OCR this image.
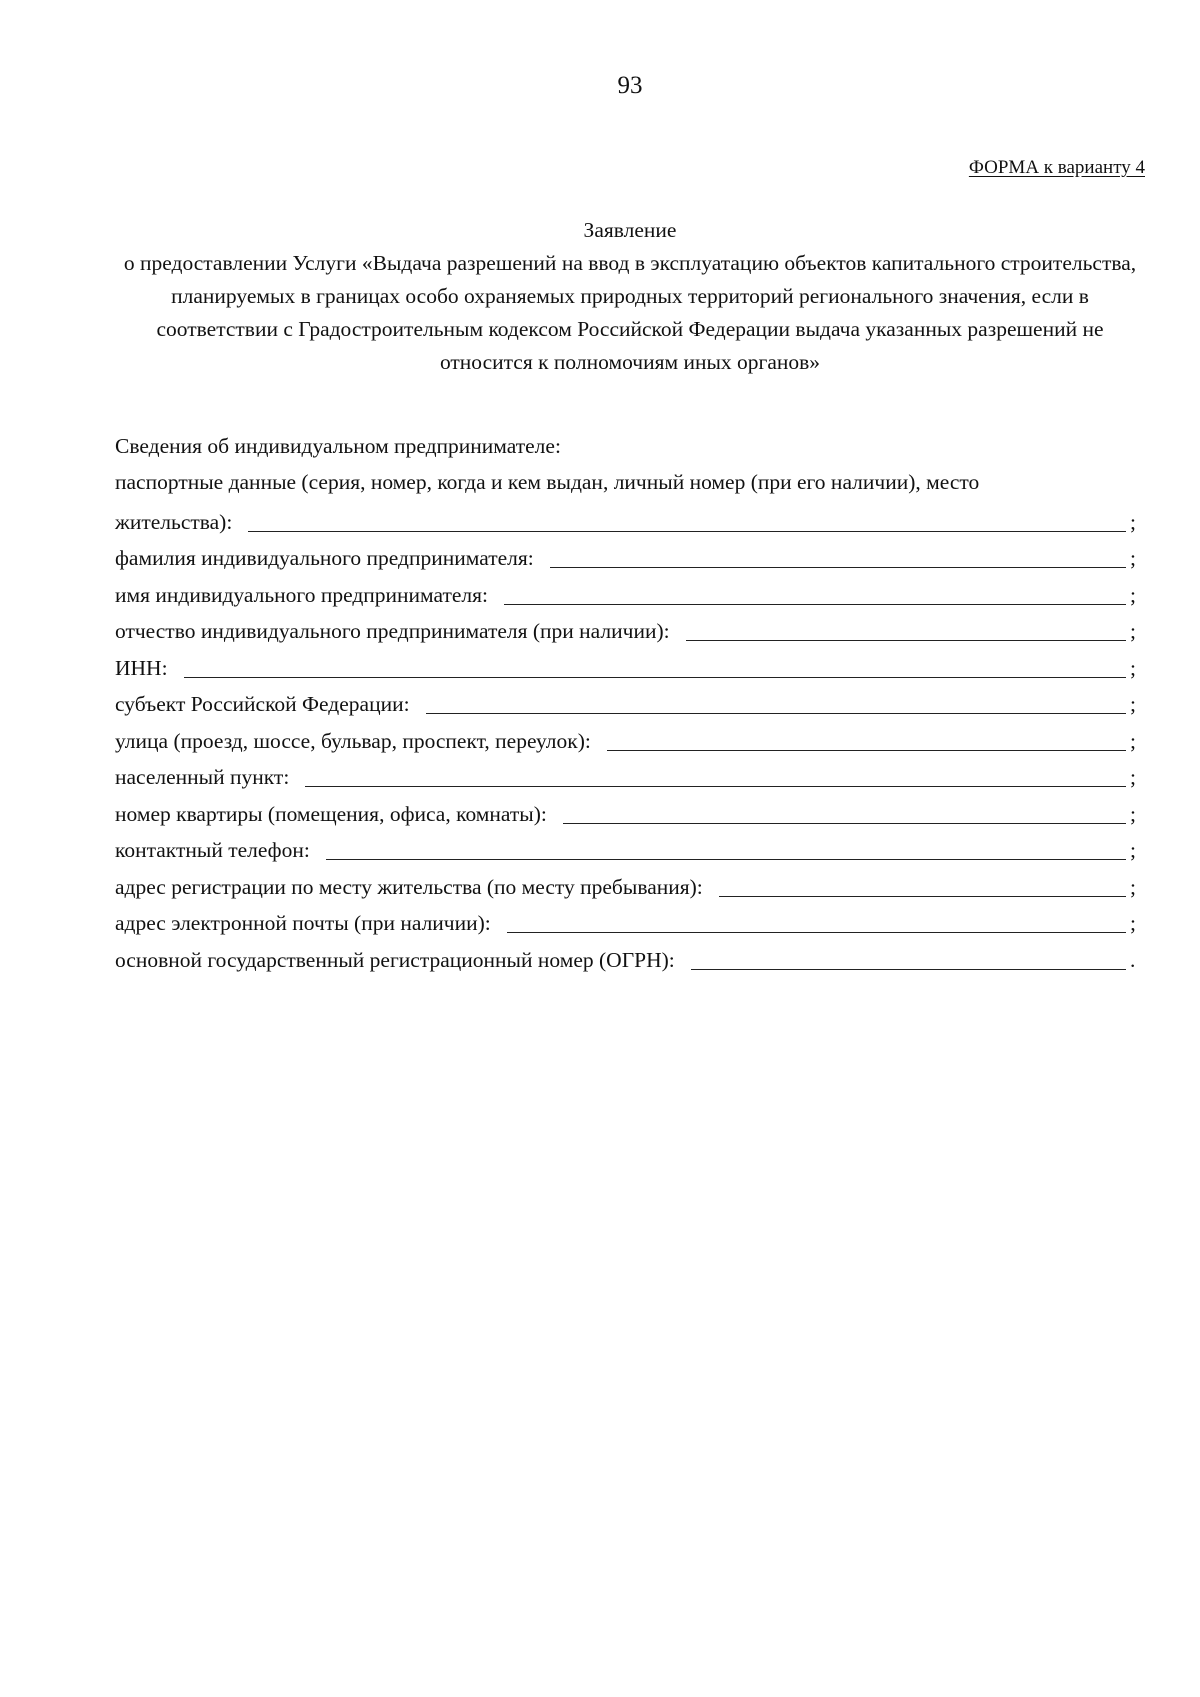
93
ФОРМА к варианту 4
Заявление
о предоставлении Услуги «Выдача разрешений на ввод в эксплуатацию объектов капитального строительства, планируемых в границах особо охраняемых природных территорий регионального значения, если в соответствии с Градостроительным кодексом Российской Федерации выдача указанных разрешений не относится к полномочиям иных органов»
Сведения об индивидуальном предпринимателе:
паспортные данные (серия, номер, когда и кем выдан, личный номер (при его наличии), место
жительства):	;
фамилия индивидуального предпринимателя:	;
имя индивидуального предпринимателя:	;
отчество индивидуального предпринимателя (при наличии):	;
ИНН:	;
субъект Российской Федерации:	;
улица (проезд, шоссе, бульвар, проспект, переулок):	;
населенный пункт:	;
номер квартиры (помещения, офиса, комнаты):	;
контактный телефон:	;
адрес регистрации по месту жительства (по месту пребывания):	;
адрес электронной почты (при наличии):	;
основной государственный регистрационный номер (ОГРН):	.
